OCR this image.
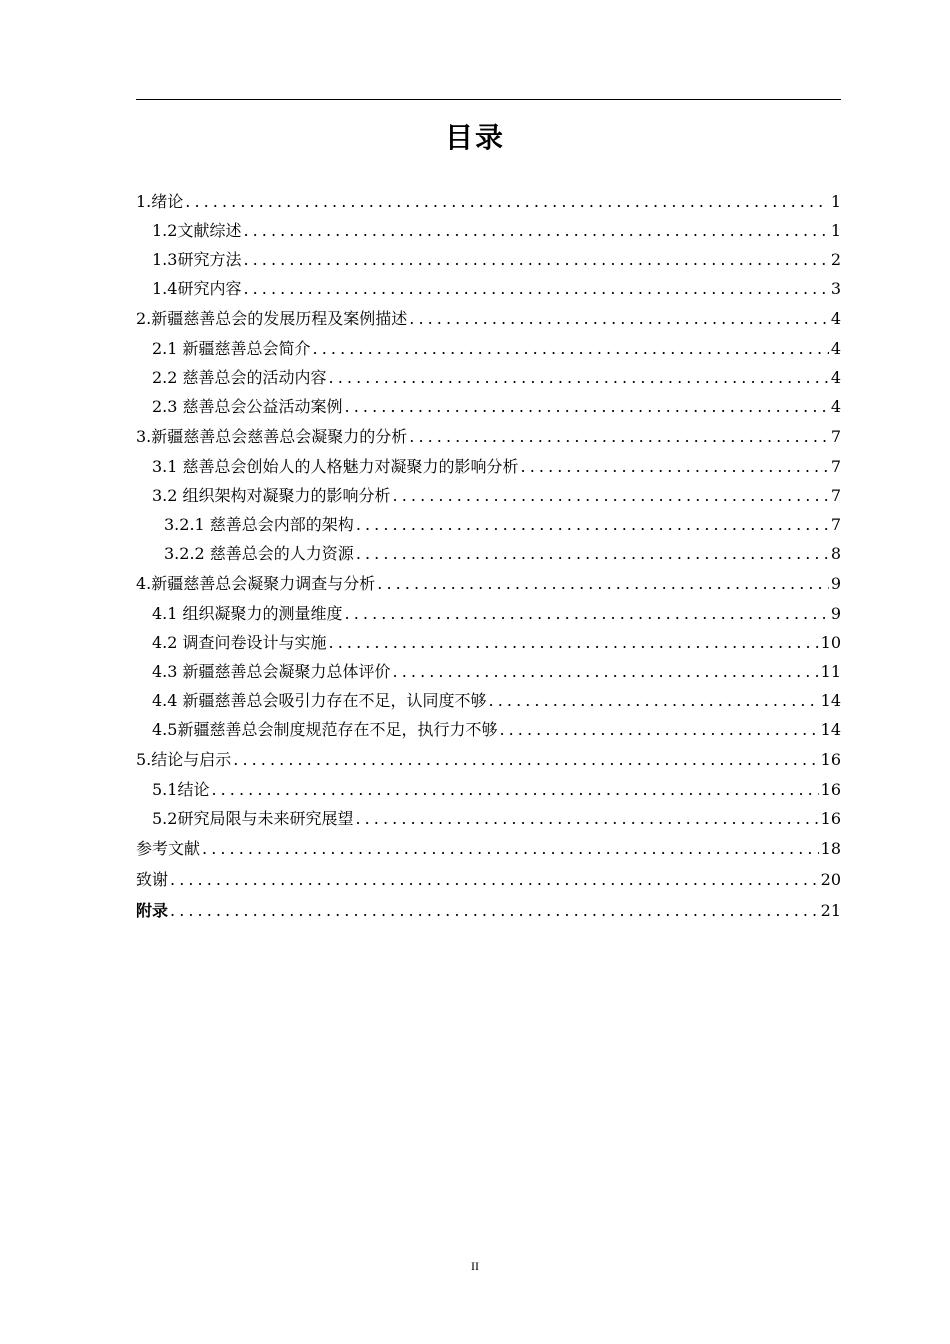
目录
1.绪论 . . .	1
1.2文献综述 . . .	1
1.3研究方法 . . .	2
1.4研究内容 . . .	3
2.新疆慈善总会的发展历程及案例描述 . . .	4
2.1 新疆慈善总会简介 . . .	4
2.2 慈善总会的活动内容 . . .	4
2.3 慈善总会公益活动案例 . . .	4
3.新疆慈善总会慈善总会凝聚力的分析 . . .	7
3.1 慈善总会创始人的人格魅力对凝聚力的影响分析 . . .	7
3.2 组织架构对凝聚力的影响分析 . . .	7
3.2.1 慈善总会内部的架构 . . .	7
3.2.2 慈善总会的人力资源 . . .	8
4.新疆慈善总会凝聚力调查与分析 . . .	9
4.1 组织凝聚力的测量维度 . . .	9
4.2 调查问卷设计与实施 . . .	10
4.3 新疆慈善总会凝聚力总体评价 . . .	11
4.4 新疆慈善总会吸引力存在不足，认同度不够 . . .	14
4.5新疆慈善总会制度规范存在不足，执行力不够 . . .	14
5.结论与启示 . . .	16
5.1结论 . . .	16
5.2研究局限与未来研究展望 . . .	16
参考文献 . . .	18
致谢 . . .	20
附录 . . .	21
II
